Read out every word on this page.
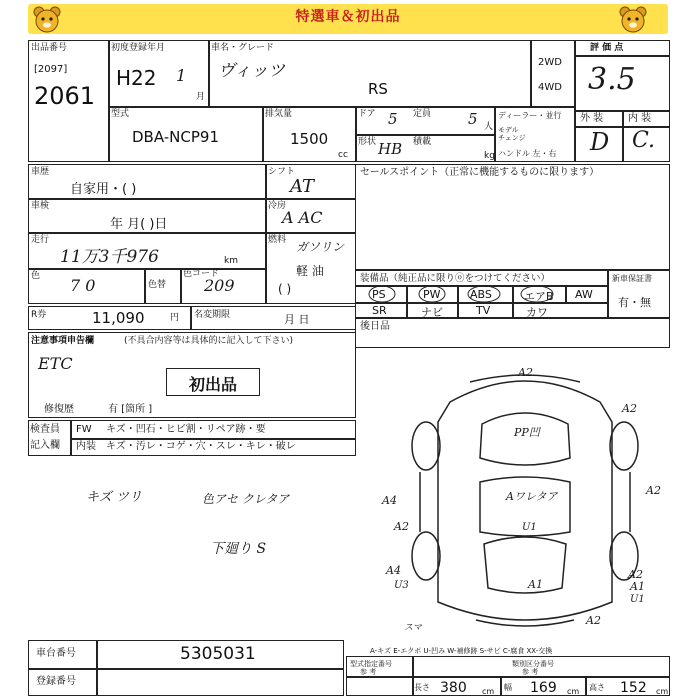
特選車＆初出品
出品番号
[2097]
2061
初度登録年月
H22 1
月
車名・グレード
ヴィッツ
RS
2WD
4WD
評 価 点
3.5
型式
DBA-NCP91
排気量
1500
cc
ドア 5 定員 5 人
形状 HB 積載
kg
ディーラー・並行
モデル
チェンジ
ハンドル 左・右
外 装 内 装
D C.
車歴
自家用・( )
シフト
AT
車検
年 月( )日
冷房
A AC
走行
11万3千976	km
燃料 ガソリン
軽 油
( )
色 7 0	色替
色コード
209
R券	11,090	円 名変期限	月 日
セールスポイント（正常に機能するものに限ります）
装備品（純正品に限りⓞをつけてください）
PS	PW	ABS	エアB AW
SR	ナビ	TV	カワ
新車保証書
有・無
後日品
注意事項申告欄	(不具合内容等は具体的に記入して下さい)
ETC
初出品
修復歴	有 [箇所 ]
検査員
記入欄
FW キズ・凹石・ヒビ割・リペア跡・要
内装 キズ・汚レ・コゲ・穴・スレ・キレ・破レ
キズ ツリ	色アセ クレタア
下廻り S
A2
A2
A2
PP凹
A4
A2
Aワレタア
U1
A4
U3	A1
A2
A1
U1
スマ
A2
A-キズ E-エクボ U-凹み W-補修跡 S-サビ C-腐食 XX-交換
車台番号	5305031
登録番号
型式指定番号
参 考
類別区分番号
参 考
長さ 380 cm 幅 169 cm 高さ 152 cm
